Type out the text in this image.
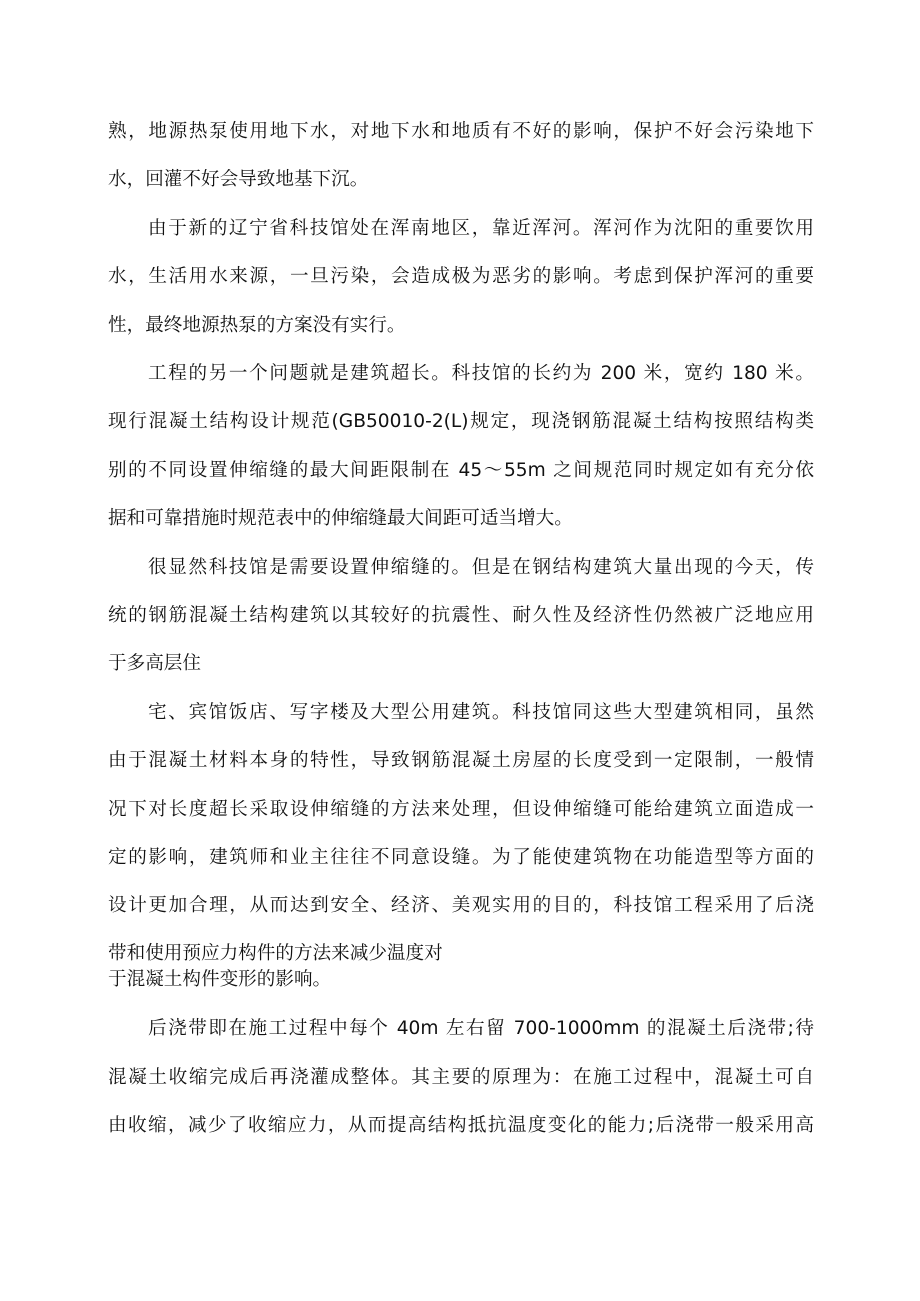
熟，地源热泵使用地下水，对地下水和地质有不好的影响，保护不好会污染地下
水，回灌不好会导致地基下沉。
由于新的辽宁省科技馆处在浑南地区，靠近浑河。浑河作为沈阳的重要饮用
水，生活用水来源，一旦污染，会造成极为恶劣的影响。考虑到保护浑河的重要
性，最终地源热泵的方案没有实行。
工程的另一个问题就是建筑超长。科技馆的长约为 200 米，宽约 180 米。
现行混凝土结构设计规范(GB50010-2(L)规定，现浇钢筋混凝土结构按照结构类
别的不同设置伸缩缝的最大间距限制在 45～55m 之间规范同时规定如有充分依
据和可靠措施时规范表中的伸缩缝最大间距可适当增大。
很显然科技馆是需要设置伸缩缝的。但是在钢结构建筑大量出现的今天，传
统的钢筋混凝土结构建筑以其较好的抗震性、耐久性及经济性仍然被广泛地应用
于多高层住
宅、宾馆饭店、写字楼及大型公用建筑。科技馆同这些大型建筑相同，虽然
由于混凝土材料本身的特性，导致钢筋混凝土房屋的长度受到一定限制，一般情
况下对长度超长采取设伸缩缝的方法来处理，但设伸缩缝可能给建筑立面造成一
定的影响，建筑师和业主往往不同意设缝。为了能使建筑物在功能造型等方面的
设计更加合理，从而达到安全、经济、美观实用的目的，科技馆工程采用了后浇
带和使用预应力构件的方法来减少温度对
于混凝土构件变形的影响。
后浇带即在施工过程中每个 40m 左右留 700-1000mm 的混凝土后浇带;待
混凝土收缩完成后再浇灌成整体。其主要的原理为：在施工过程中，混凝土可自
由收缩，减少了收缩应力，从而提高结构抵抗温度变化的能力;后浇带一般采用高
